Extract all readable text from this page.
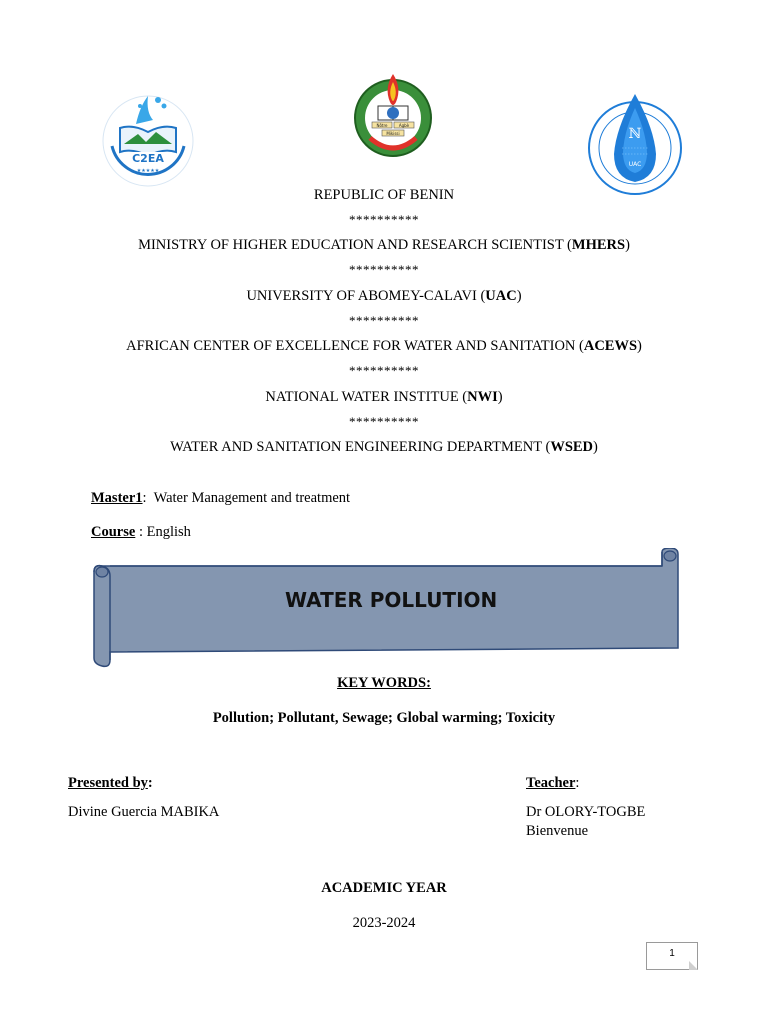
C2EA
★★★★★
Nôtre	Agbè
Mikissi	ℕ
UAC
REPUBLIC OF BENIN
**********
MINISTRY OF HIGHER EDUCATION AND RESEARCH SCIENTIST (MHERS)
**********
UNIVERSITY OF ABOMEY-CALAVI (UAC)
**********
AFRICAN CENTER OF EXCELLENCE FOR WATER AND SANITATION (ACEWS)
**********
NATIONAL WATER INSTITUE (NWI)
**********
WATER AND SANITATION ENGINEERING DEPARTMENT (WSED)
Master1:  Water Management and treatment
Course : English
WATER POLLUTION
KEY WORDS:
Pollution; Pollutant, Sewage; Global warming; Toxicity
Presented by:
Divine Guercia MABIKA
Teacher:
Dr OLORY-TOGBE
Bienvenue
ACADEMIC YEAR
2023-2024
1
